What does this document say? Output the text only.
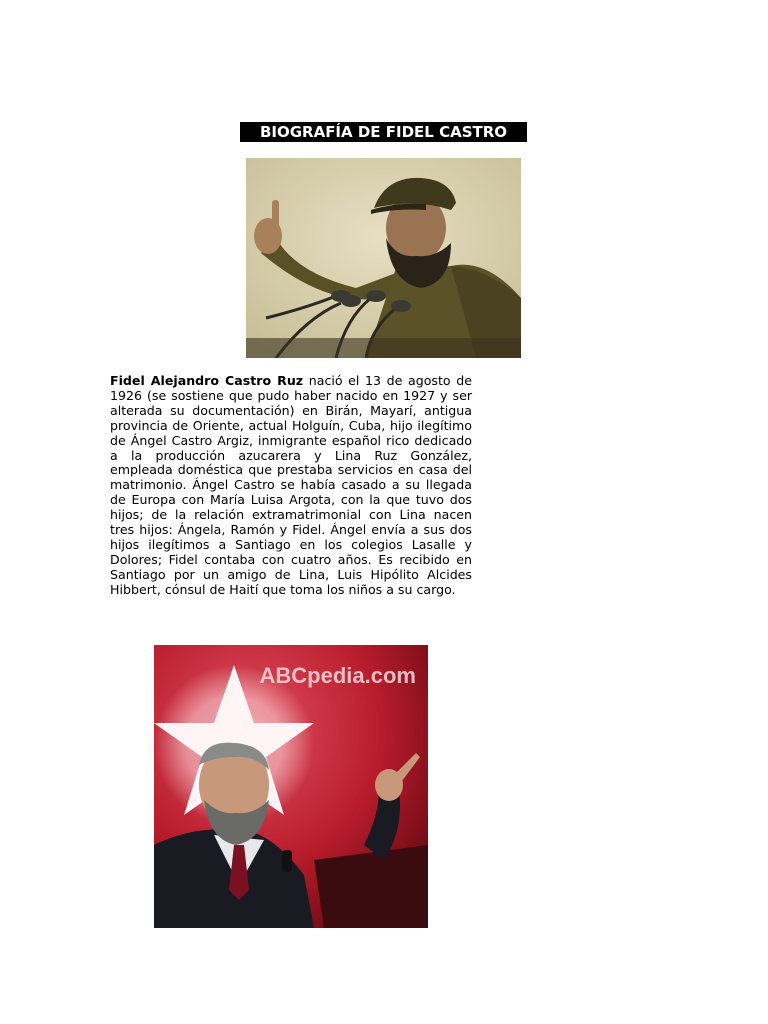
BIOGRAFÍA DE FIDEL CASTRO

Fidel Alejandro Castro Ruz nació el 13 de agosto de 1926 (se sostiene que pudo haber nacido en 1927 y ser alterada su documentación) en Birán, Mayarí, antigua provincia de Oriente, actual Holguín, Cuba, hijo ilegítimo de Ángel Castro Argiz, inmigrante español rico dedicado a la producción azucarera y Lina Ruz González, empleada doméstica que prestaba servicios en casa del matrimonio. Ángel Castro se había casado a su llegada de Europa con María Luisa Argota, con la que tuvo dos hijos; de la relación extramatrimonial con Lina nacen tres hijos: Ángela, Ramón y Fidel. Ángel envía a sus dos hijos ilegítimos a Santiago en los colegios Lasalle y Dolores; Fidel contaba con cuatro años. Es recibido en Santiago por un amigo de Lina, Luis Hipólito Alcides Hibbert, cónsul de Haití que toma los niños a su cargo.

ABCpedia.com
